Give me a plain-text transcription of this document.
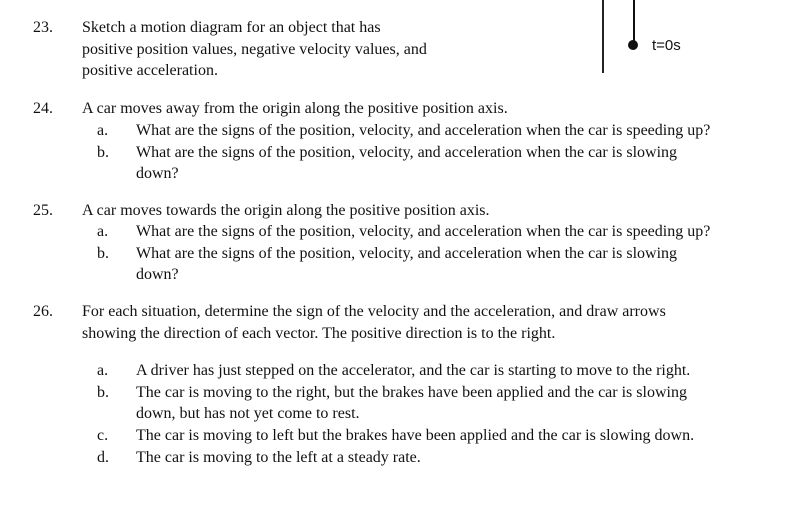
23. Sketch a motion diagram for an object that has
positive position values, negative velocity values, and
positive acceleration.
t=0s
24. A car moves away from the origin along the positive position axis.
a. What are the signs of the position, velocity, and acceleration when the car is speeding up?
b. What are the signs of the position, velocity, and acceleration when the car is slowing
down?
25. A car moves towards the origin along the positive position axis.
a. What are the signs of the position, velocity, and acceleration when the car is speeding up?
b. What are the signs of the position, velocity, and acceleration when the car is slowing
down?
26. For each situation, determine the sign of the velocity and the acceleration, and draw arrows
showing the direction of each vector. The positive direction is to the right.
a. A driver has just stepped on the accelerator, and the car is starting to move to the right.
b. The car is moving to the right, but the brakes have been applied and the car is slowing
down, but has not yet come to rest.
c. The car is moving to left but the brakes have been applied and the car is slowing down.
d. The car is moving to the left at a steady rate.
